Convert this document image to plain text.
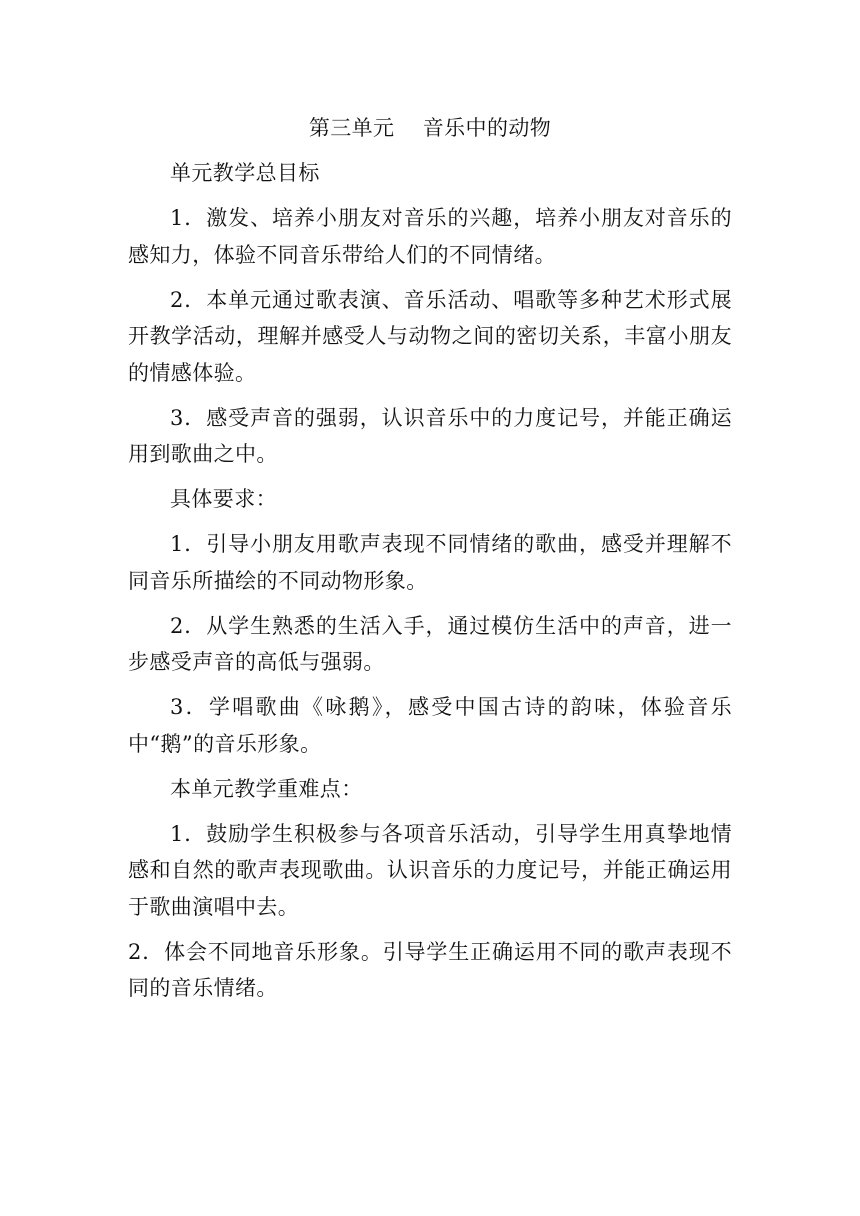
第三单元    音乐中的动物

单元教学总目标

1．激发、培养小朋友对音乐的兴趣，培养小朋友对音乐的感知力，体验不同音乐带给人们的不同情绪。

2．本单元通过歌表演、音乐活动、唱歌等多种艺术形式展开教学活动，理解并感受人与动物之间的密切关系，丰富小朋友的情感体验。

3．感受声音的强弱，认识音乐中的力度记号，并能正确运用到歌曲之中。

具体要求：

1．引导小朋友用歌声表现不同情绪的歌曲，感受并理解不同音乐所描绘的不同动物形象。

2．从学生熟悉的生活入手，通过模仿生活中的声音，进一步感受声音的高低与强弱。

3．学唱歌曲《咏鹅》，感受中国古诗的韵味，体验音乐中“鹅”的音乐形象。

本单元教学重难点：

1．鼓励学生积极参与各项音乐活动，引导学生用真挚地情感和自然的歌声表现歌曲。认识音乐的力度记号，并能正确运用于歌曲演唱中去。

2．体会不同地音乐形象。引导学生正确运用不同的歌声表现不同的音乐情绪。
